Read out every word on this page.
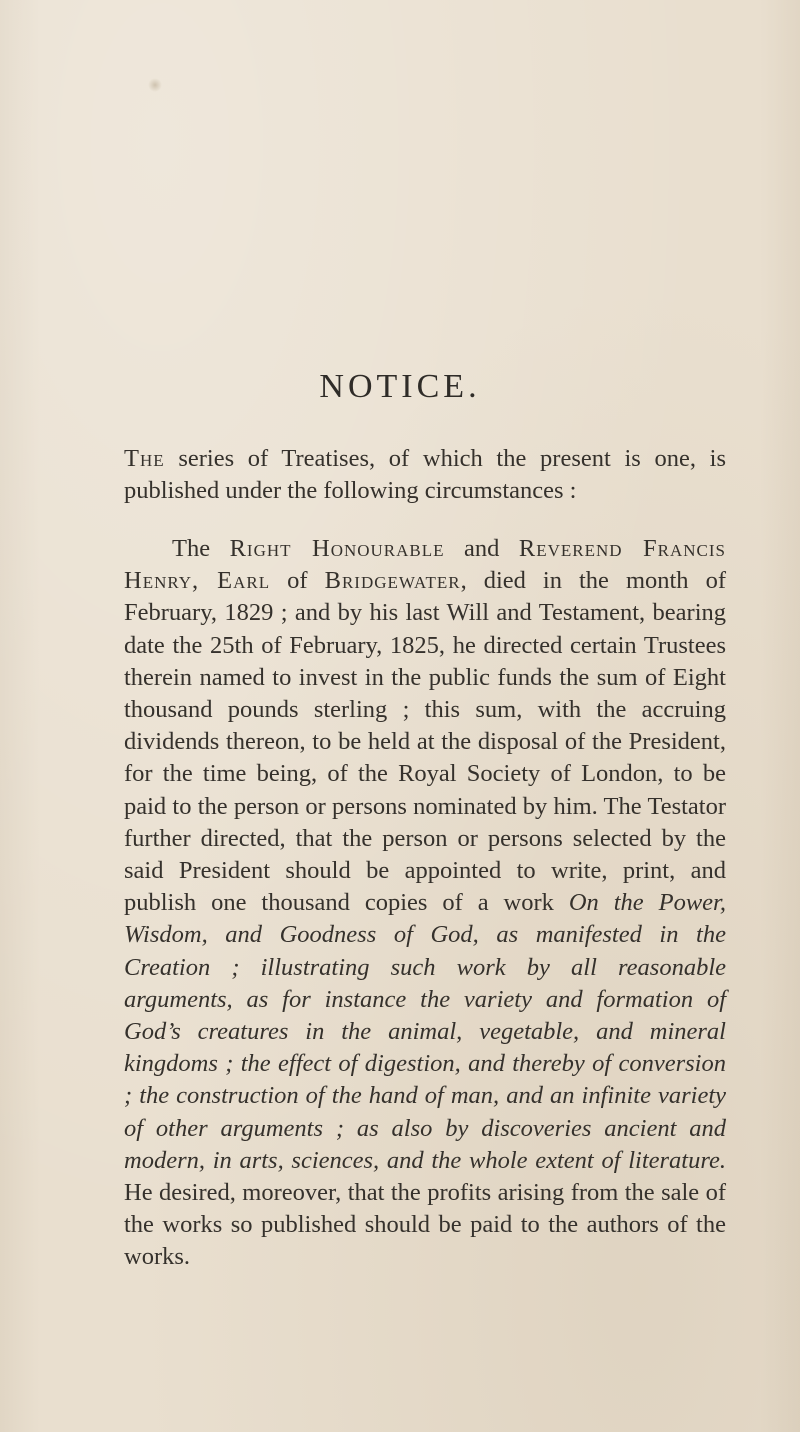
NOTICE.

The series of Treatises, of which the present is one, is published under the following circumstances :

The Right Honourable and Reverend Francis Henry, Earl of Bridgewater, died in the month of February, 1829 ; and by his last Will and Testament, bearing date the 25th of February, 1825, he directed certain Trustees therein named to invest in the public funds the sum of Eight thousand pounds sterling ; this sum, with the accruing dividends thereon, to be held at the disposal of the President, for the time being, of the Royal Society of London, to be paid to the person or persons nominated by him. The Testator further directed, that the person or persons selected by the said President should be appointed to write, print, and publish one thousand copies of a work On the Power, Wisdom, and Goodness of God, as manifested in the Creation ; illustrating such work by all reasonable arguments, as for instance the variety and formation of God’s creatures in the animal, vegetable, and mineral kingdoms ; the effect of digestion, and thereby of conversion ; the construction of the hand of man, and an infinite variety of other arguments ; as also by discoveries ancient and modern, in arts, sciences, and the whole extent of literature. He desired, moreover, that the profits arising from the sale of the works so published should be paid to the authors of the works.
